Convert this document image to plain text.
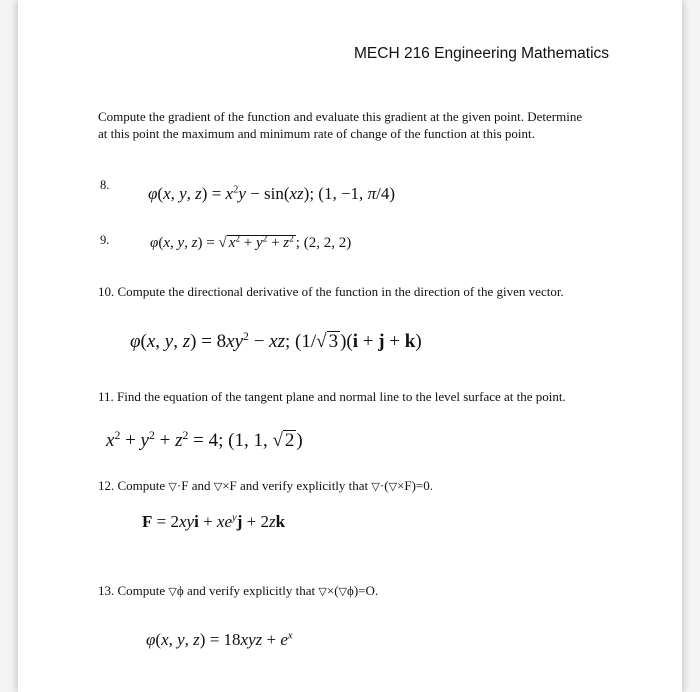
MECH 216 Engineering Mathematics
Compute the gradient of the function and evaluate this gradient at the given point. Determine
at this point the maximum and minimum rate of change of the function at this point.
8. φ(x, y, $z) = x^2y - \sin(xz)$; (1, −1, π/4)
9.	φ(x, y, z) = √ $x^2 + y^2 + z^2$ ; (2, 2, 2)
10. Compute the directional derivative of the function in the direction of the given vector.
φ(x, y, $z) = 8xy^2$ − xz; (1/√ 3 )(i + j + k)
11. Find the equation of the tangent plane and normal line to the level surface at the point.
$x^2 + y^2 + z^2 = 4$; (1, 1, √ 2 )
12. Compute ▽·F and ▽×F and verify explicitly that ▽·(▽×F)=0.
$F = 2xyi + xe^yj + 2zk$
13. Compute ▽ϕ and verify explicitly that ▽×(▽ϕ)=O.
φ(x, y, $z) = 18xyz + e^x$
